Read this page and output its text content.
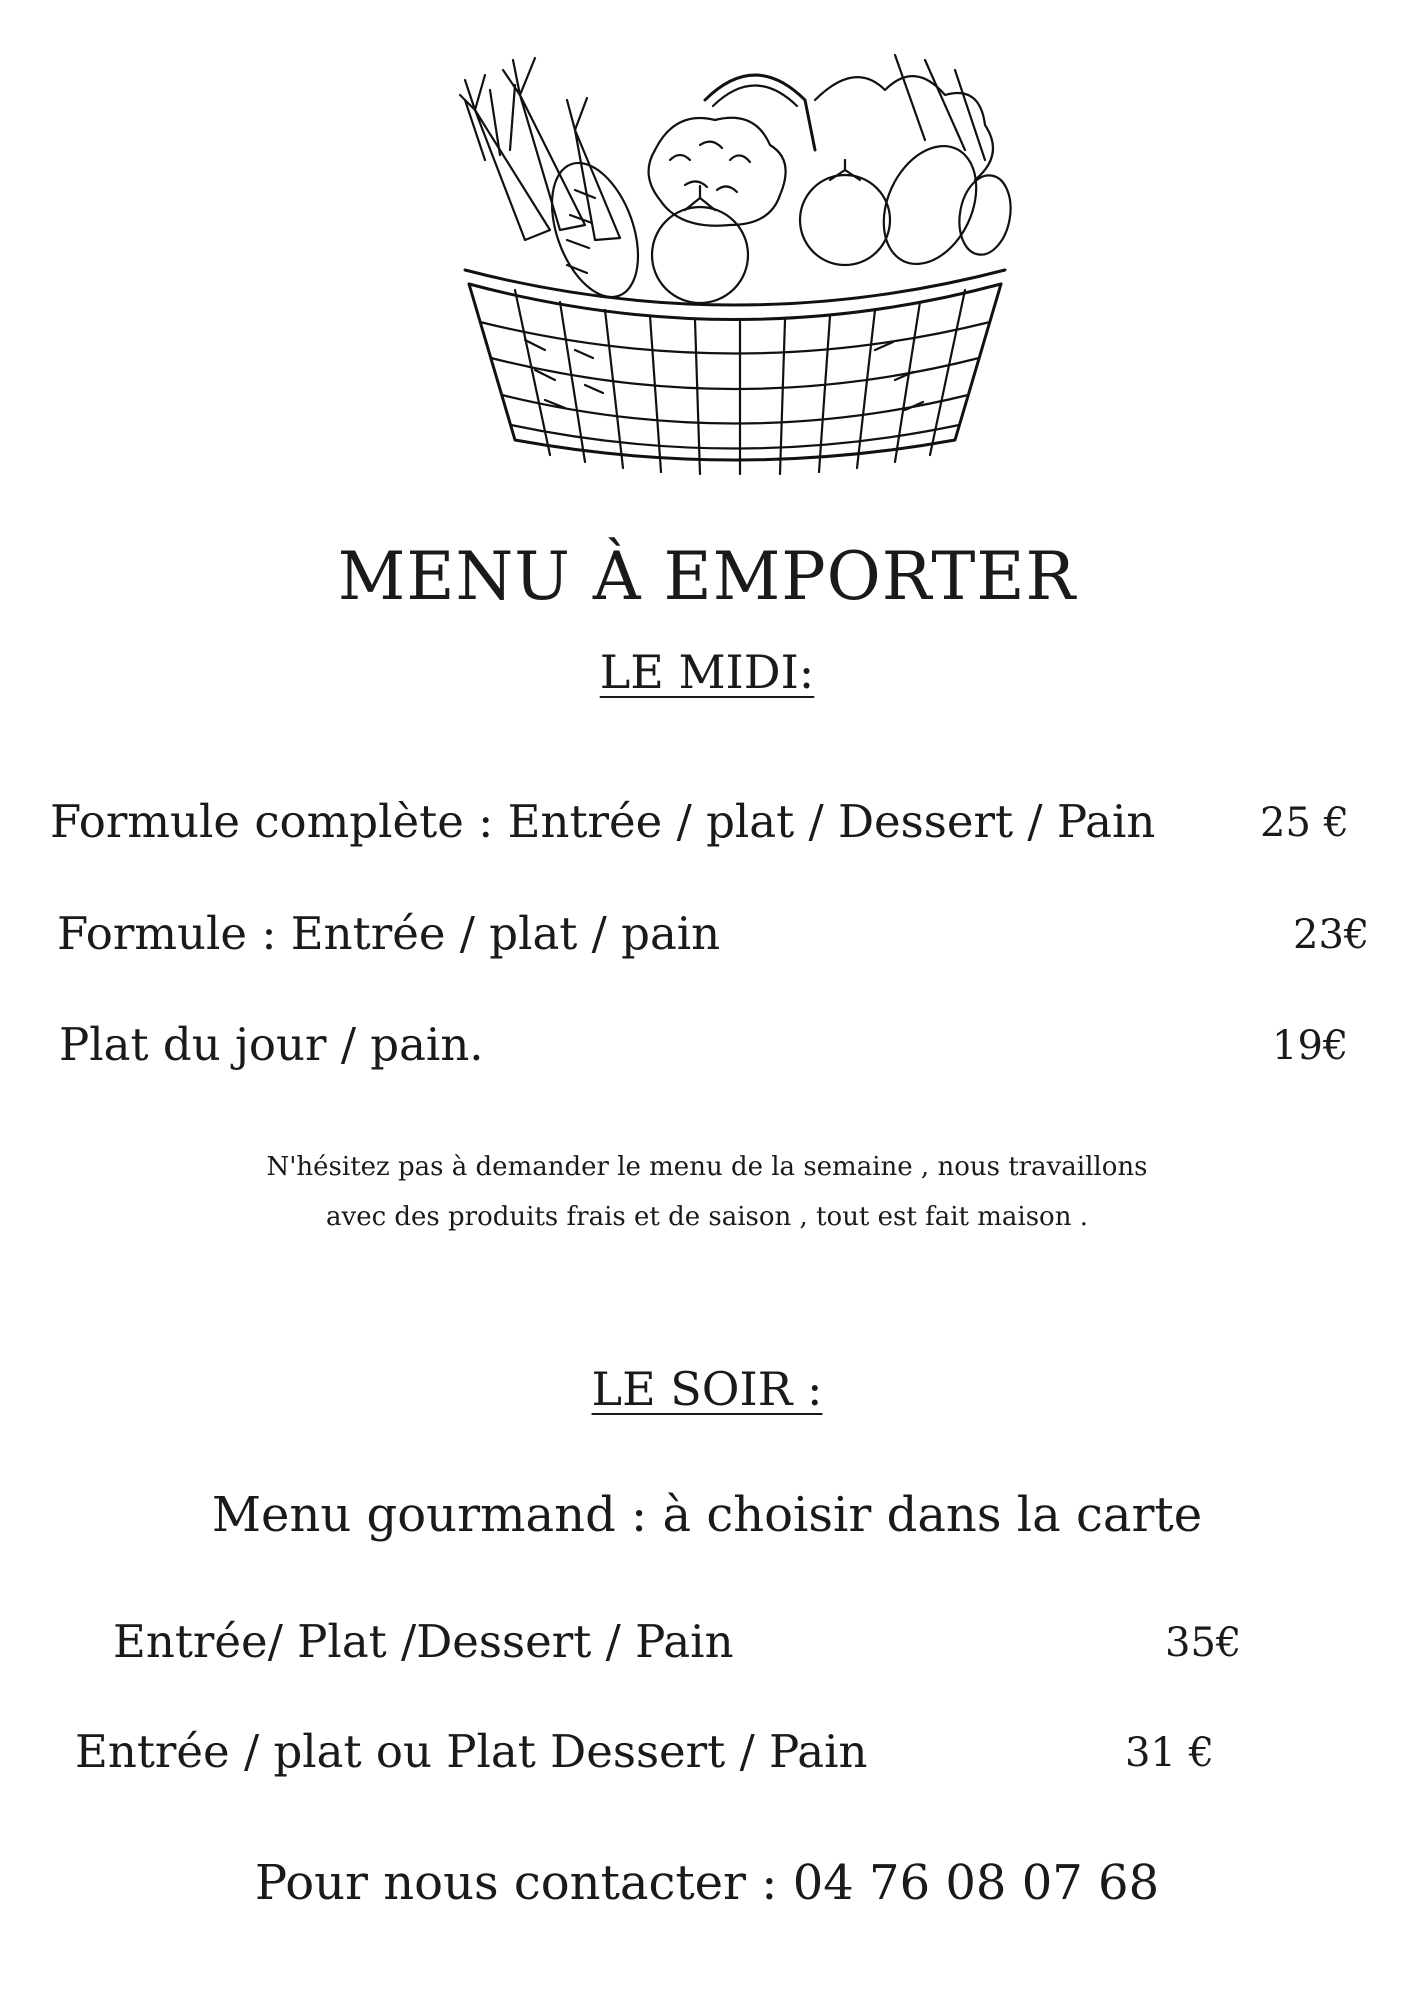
MENU À EMPORTER
LE MIDI:
Formule complète : Entrée / plat / Dessert / Pain	25 €
Formule : Entrée / plat / pain	23€
Plat du jour / pain.	19€
N'hésitez pas à demander le menu de la semaine , nous travaillons
avec des produits frais et de saison , tout est fait maison .
LE SOIR :
Menu gourmand : à choisir dans la carte
Entrée/ Plat /Dessert / Pain	35€
Entrée / plat ou Plat Dessert / Pain	31 €
Pour nous contacter : 04 76 08 07 68
